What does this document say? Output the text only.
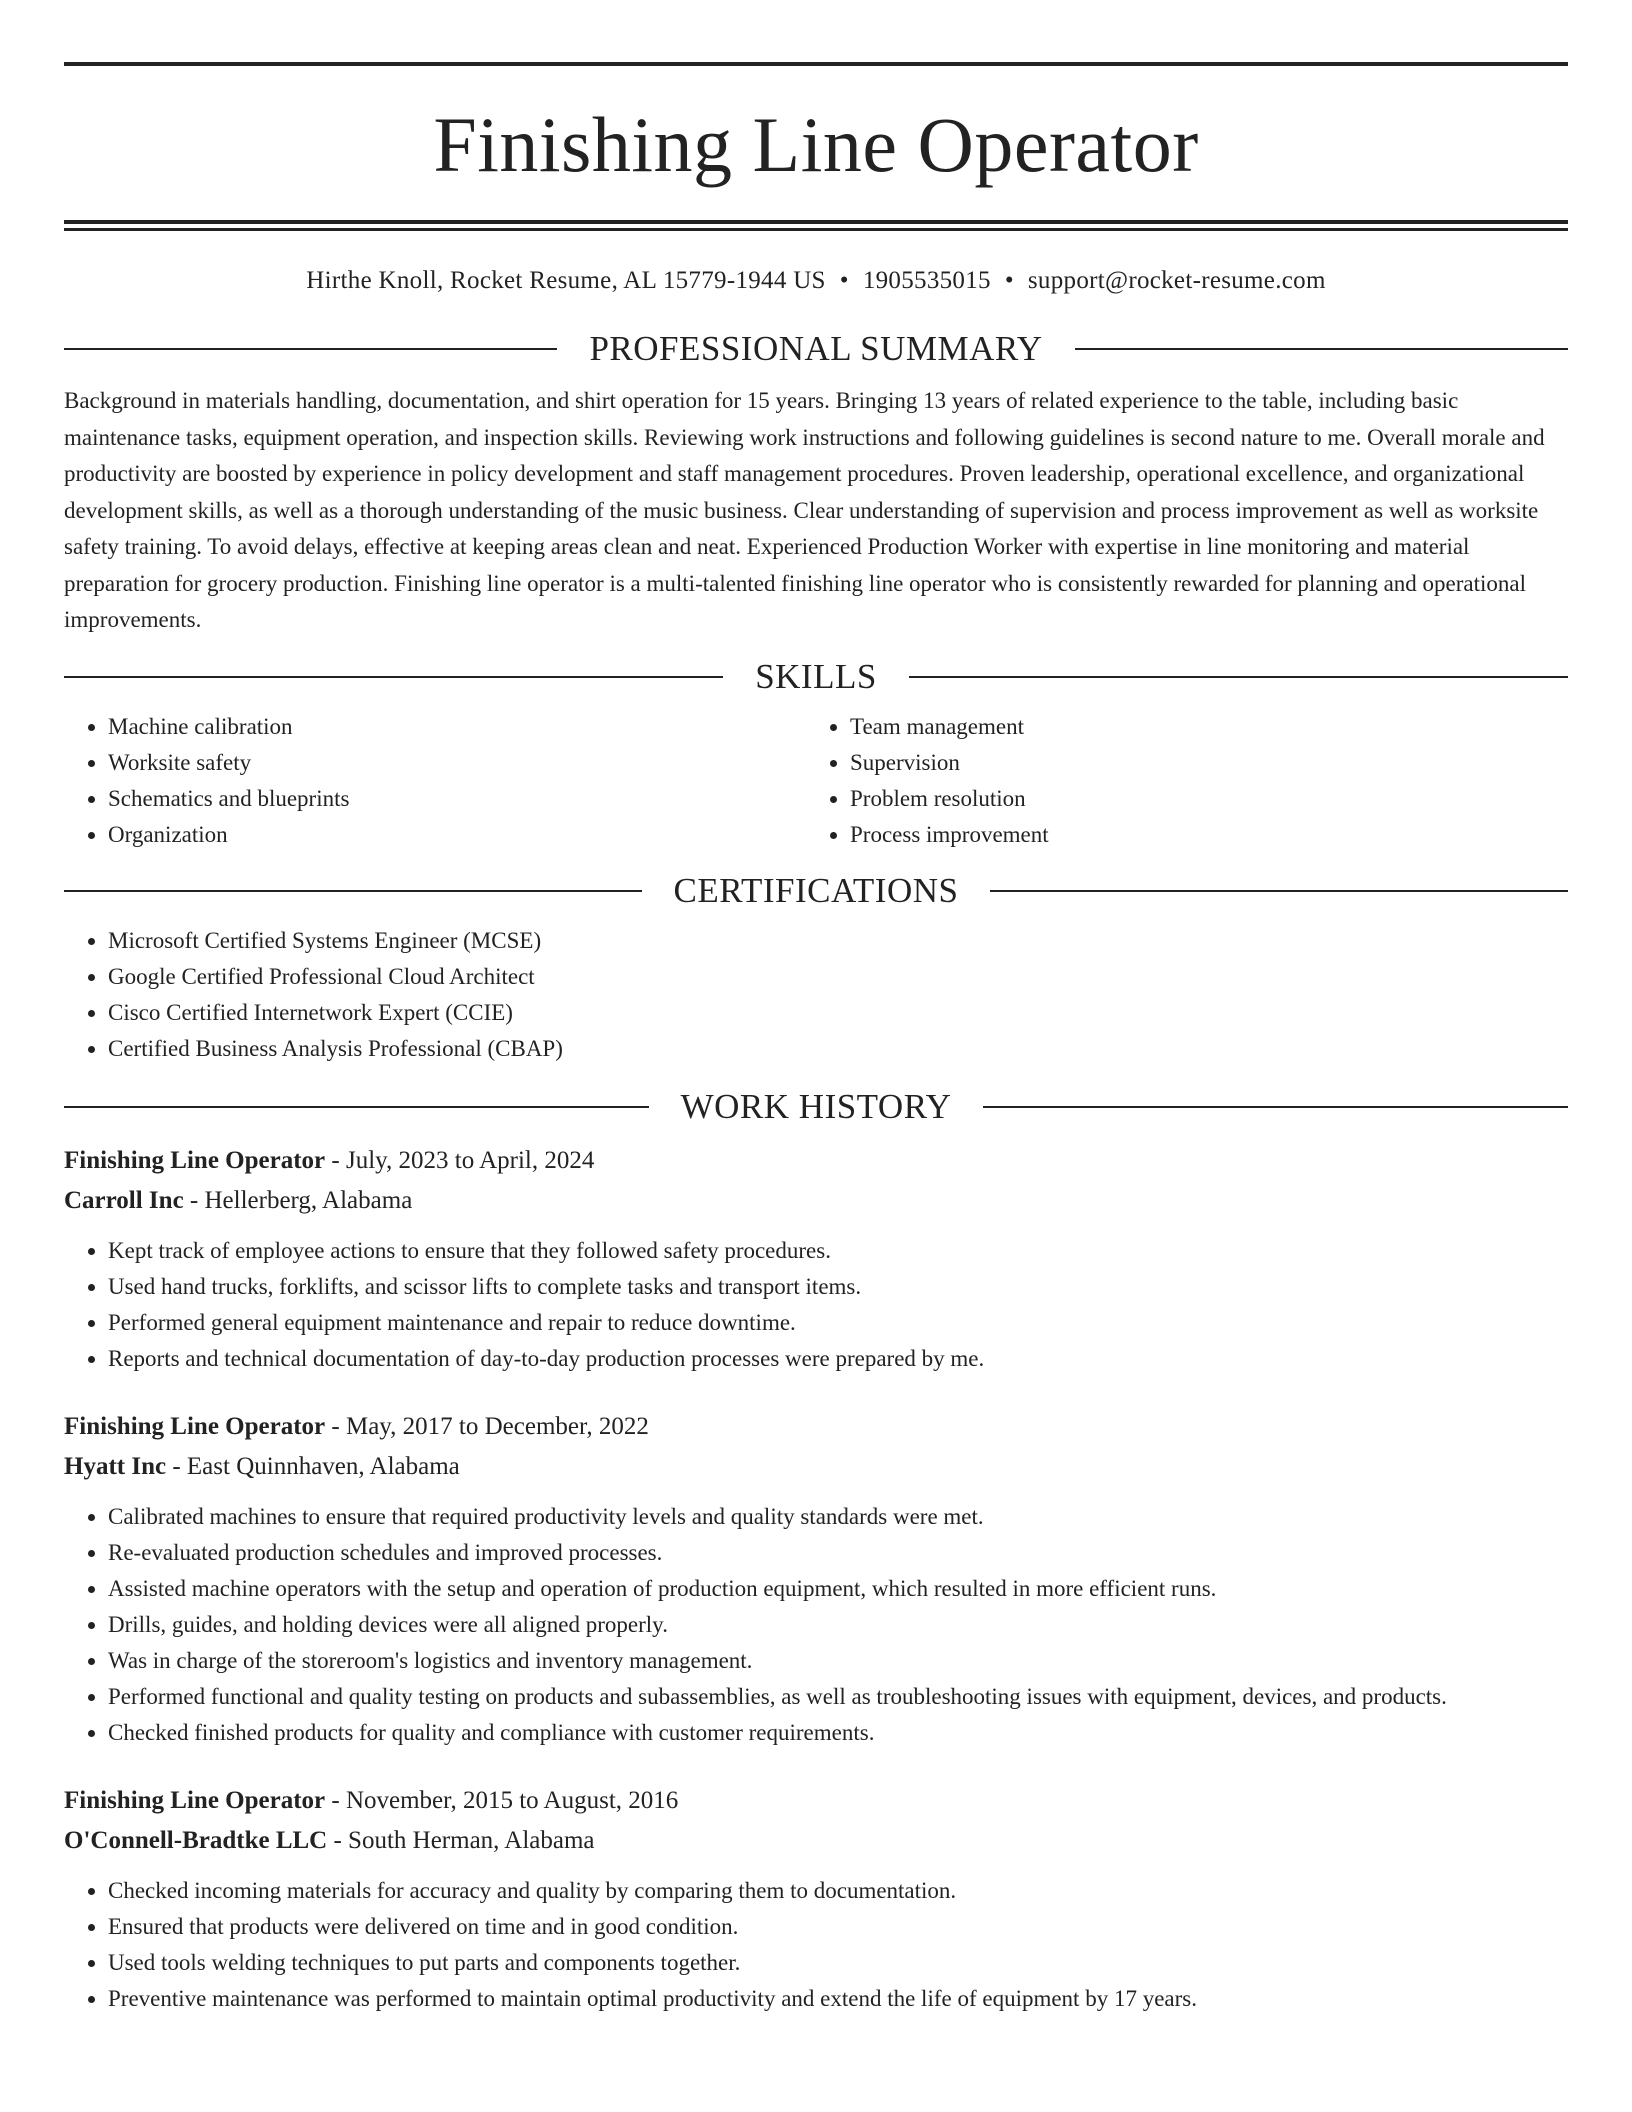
Finishing Line Operator
Hirthe Knoll, Rocket Resume, AL 15779-1944 US • 1905535015 • support@rocket-resume.com
PROFESSIONAL SUMMARY
Background in materials handling, documentation, and shirt operation for 15 years. Bringing 13 years of related experience to the table, including basic maintenance tasks, equipment operation, and inspection skills. Reviewing work instructions and following guidelines is second nature to me. Overall morale and productivity are boosted by experience in policy development and staff management procedures. Proven leadership, operational excellence, and organizational development skills, as well as a thorough understanding of the music business. Clear understanding of supervision and process improvement as well as worksite safety training. To avoid delays, effective at keeping areas clean and neat. Experienced Production Worker with expertise in line monitoring and material preparation for grocery production. Finishing line operator is a multi-talented finishing line operator who is consistently rewarded for planning and operational improvements.
SKILLS
• Machine calibration
• Worksite safety
• Schematics and blueprints
• Organization
• Team management
• Supervision
• Problem resolution
• Process improvement
CERTIFICATIONS
• Microsoft Certified Systems Engineer (MCSE)
• Google Certified Professional Cloud Architect
• Cisco Certified Internetwork Expert (CCIE)
• Certified Business Analysis Professional (CBAP)
WORK HISTORY
Finishing Line Operator - July, 2023 to April, 2024
Carroll Inc - Hellerberg, Alabama
• Kept track of employee actions to ensure that they followed safety procedures.
• Used hand trucks, forklifts, and scissor lifts to complete tasks and transport items.
• Performed general equipment maintenance and repair to reduce downtime.
• Reports and technical documentation of day-to-day production processes were prepared by me.
Finishing Line Operator - May, 2017 to December, 2022
Hyatt Inc - East Quinnhaven, Alabama
• Calibrated machines to ensure that required productivity levels and quality standards were met.
• Re-evaluated production schedules and improved processes.
• Assisted machine operators with the setup and operation of production equipment, which resulted in more efficient runs.
• Drills, guides, and holding devices were all aligned properly.
• Was in charge of the storeroom's logistics and inventory management.
• Performed functional and quality testing on products and subassemblies, as well as troubleshooting issues with equipment, devices, and products.
• Checked finished products for quality and compliance with customer requirements.
Finishing Line Operator - November, 2015 to August, 2016
O'Connell-Bradtke LLC - South Herman, Alabama
• Checked incoming materials for accuracy and quality by comparing them to documentation.
• Ensured that products were delivered on time and in good condition.
• Used tools welding techniques to put parts and components together.
• Preventive maintenance was performed to maintain optimal productivity and extend the life of equipment by 17 years.
